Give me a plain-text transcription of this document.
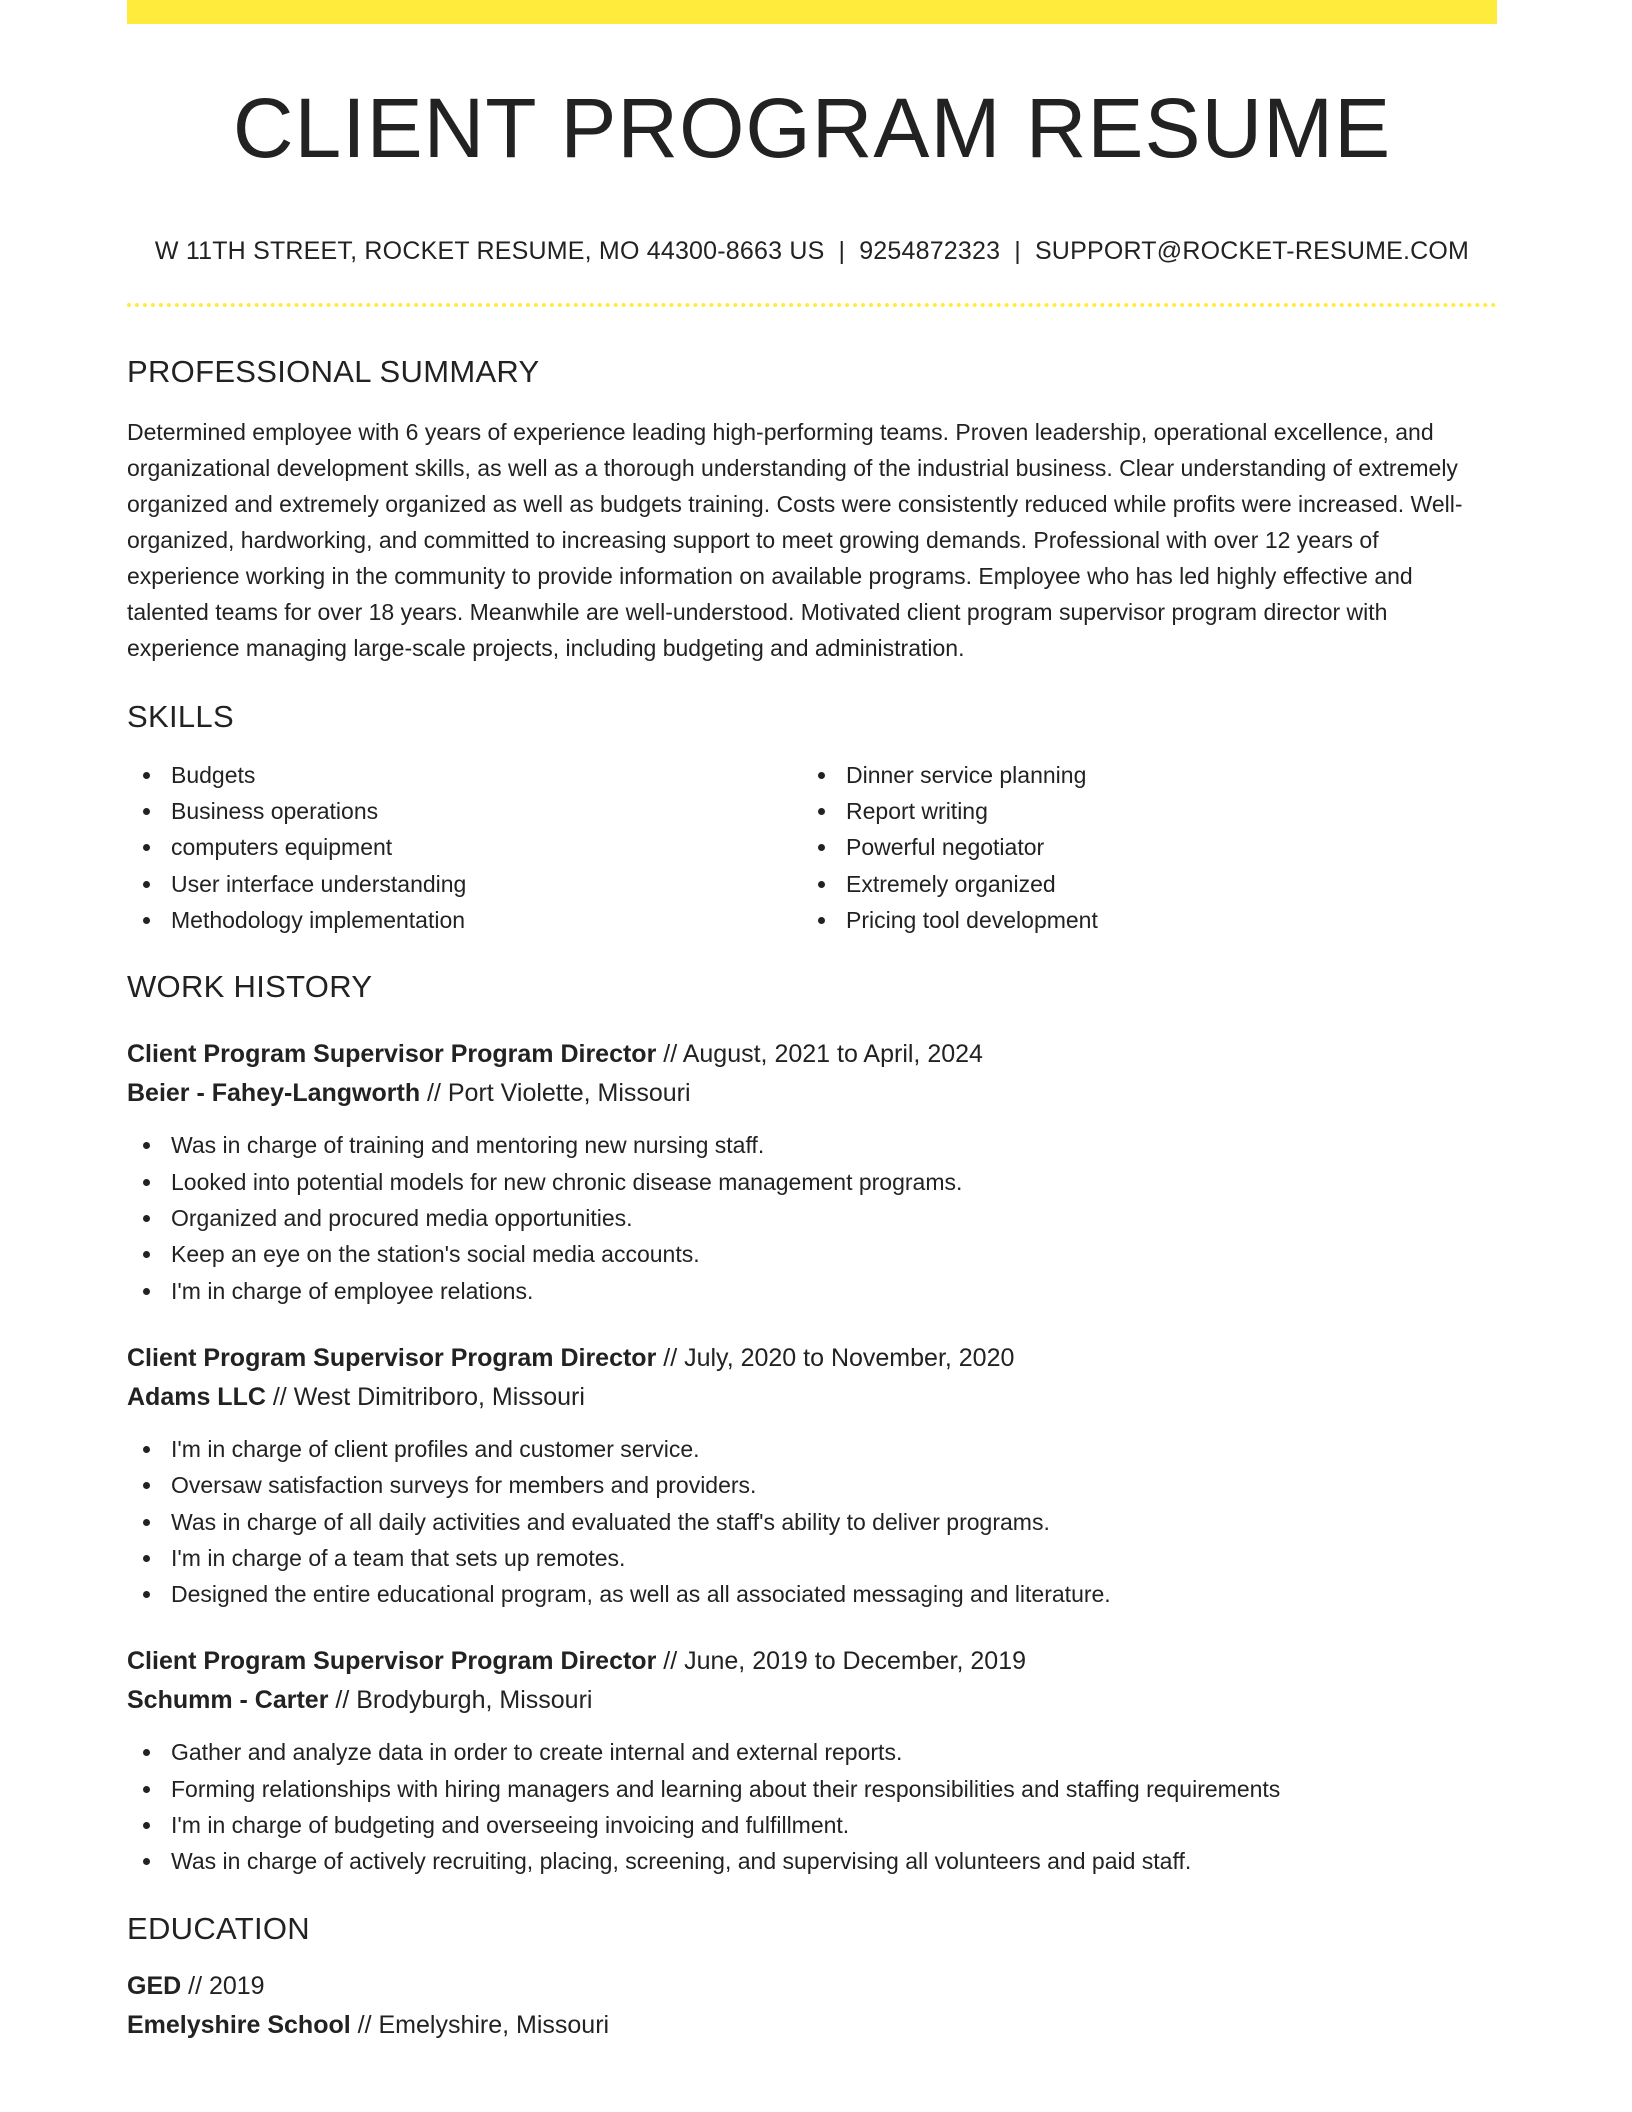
CLIENT PROGRAM RESUME
W 11TH STREET, ROCKET RESUME, MO 44300-8663 US | 9254872323 | SUPPORT@ROCKET-RESUME.COM
PROFESSIONAL SUMMARY

Determined employee with 6 years of experience leading high-performing teams. Proven leadership, operational excellence, and organizational development skills, as well as a thorough understanding of the industrial business. Clear understanding of extremely organized and extremely organized as well as budgets training. Costs were consistently reduced while profits were increased. Well-organized, hardworking, and committed to increasing support to meet growing demands. Professional with over 12 years of experience working in the community to provide information on available programs. Employee who has led highly effective and talented teams for over 18 years. Meanwhile are well-understood. Motivated client program supervisor program director with experience managing large-scale projects, including budgeting and administration.

SKILLS
Budgets
Business operations
computers equipment
User interface understanding
Methodology implementation
Dinner service planning
Report writing
Powerful negotiator
Extremely organized
Pricing tool development
WORK HISTORY
Client Program Supervisor Program Director // August, 2021 to April, 2024
Beier - Fahey-Langworth // Port Violette, Missouri
Was in charge of training and mentoring new nursing staff.
Looked into potential models for new chronic disease management programs.
Organized and procured media opportunities.
Keep an eye on the station's social media accounts.
I'm in charge of employee relations.
Client Program Supervisor Program Director // July, 2020 to November, 2020
Adams LLC // West Dimitriboro, Missouri
I'm in charge of client profiles and customer service.
Oversaw satisfaction surveys for members and providers.
Was in charge of all daily activities and evaluated the staff's ability to deliver programs.
I'm in charge of a team that sets up remotes.
Designed the entire educational program, as well as all associated messaging and literature.
Client Program Supervisor Program Director // June, 2019 to December, 2019
Schumm - Carter // Brodyburgh, Missouri
Gather and analyze data in order to create internal and external reports.
Forming relationships with hiring managers and learning about their responsibilities and staffing requirements
I'm in charge of budgeting and overseeing invoicing and fulfillment.
Was in charge of actively recruiting, placing, screening, and supervising all volunteers and paid staff.
EDUCATION
GED // 2019
Emelyshire School // Emelyshire, Missouri
